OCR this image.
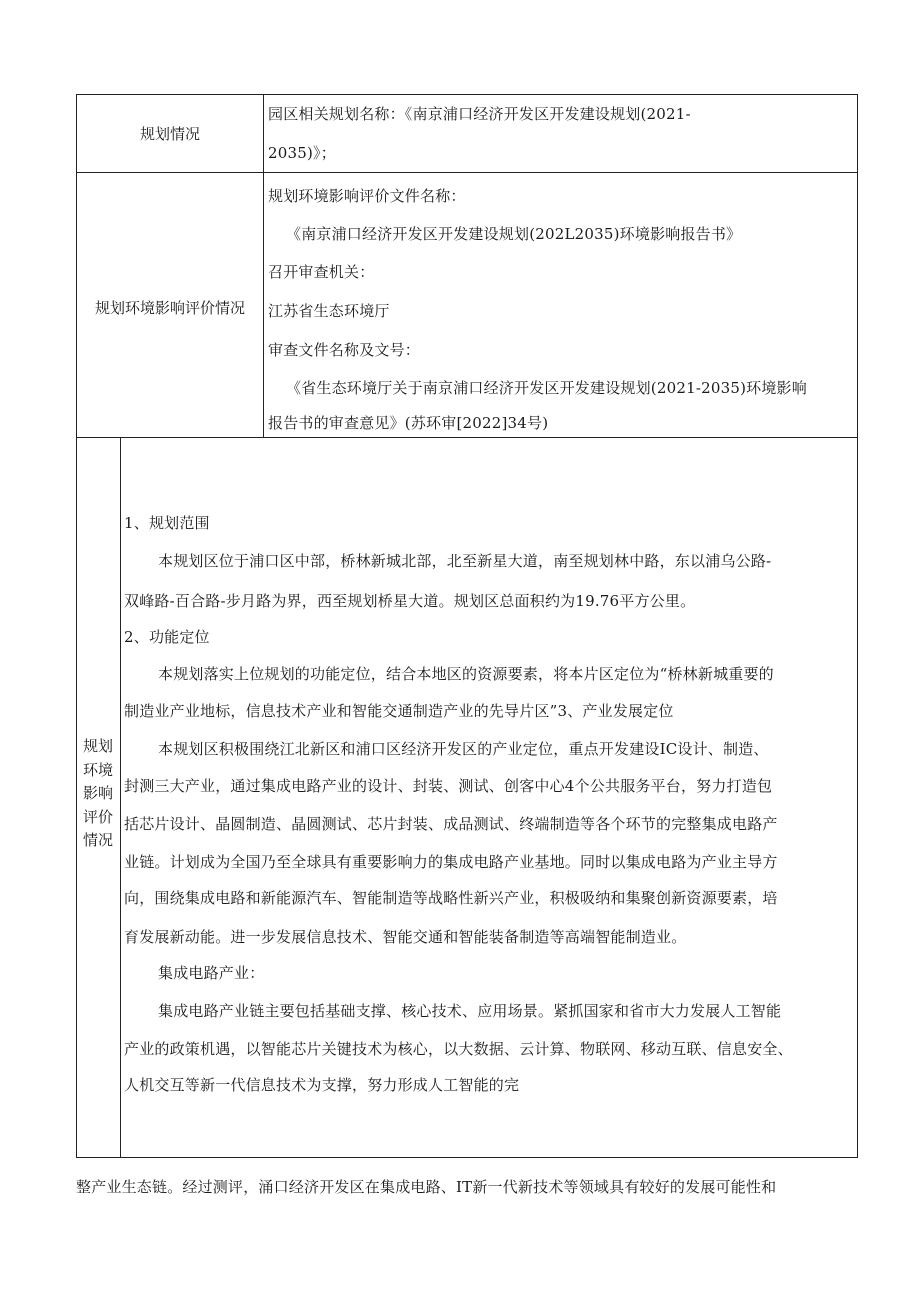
规划情况
园区相关规划名称：《南京浦口经济开发区开发建设规划(2021-
2035)》；
规划环境影响评价情况
规划环境影响评价文件名称：
《南京浦口经济开发区开发建设规划(202L2035)环境影响报告书》
召开审查机关：
江苏省生态环境厅
审查文件名称及文号：
《省生态环境厅关于南京浦口经济开发区开发建设规划(2021-2035)环境影响
报告书的审查意见》(苏环审[2022]34号)
规划
环境
影响
评价
情况
1、规划范围
本规划区位于浦口区中部，桥林新城北部，北至新星大道，南至规划林中路，东以浦乌公路-
双峰路-百合路-步月路为界，西至规划桥星大道。规划区总面积约为19.76平方公里。
2、功能定位
本规划落实上位规划的功能定位，结合本地区的资源要素，将本片区定位为“桥林新城重要的
制造业产业地标，信息技术产业和智能交通制造产业的先导片区”3、产业发展定位
本规划区积极围绕江北新区和浦口区经济开发区的产业定位，重点开发建设IC设计、制造、
封测三大产业，通过集成电路产业的设计、封装、测试、创客中心4个公共服务平台，努力打造包
括芯片设计、晶圆制造、晶圆测试、芯片封装、成品测试、终端制造等各个环节的完整集成电路产
业链。计划成为全国乃至全球具有重要影响力的集成电路产业基地。同时以集成电路为产业主导方
向，围绕集成电路和新能源汽车、智能制造等战略性新兴产业，积极吸纳和集聚创新资源要素，培
育发展新动能。进一步发展信息技术、智能交通和智能装备制造等高端智能制造业。
集成电路产业：
集成电路产业链主要包括基础支撑、核心技术、应用场景。紧抓国家和省市大力发展人工智能
产业的政策机遇，以智能芯片关键技术为核心，以大数据、云计算、物联网、移动互联、信息安全、
人机交互等新一代信息技术为支撑，努力形成人工智能的完
整产业生态链。经过测评，涌口经济开发区在集成电路、IT新一代新技术等领域具有较好的发展可能性和
